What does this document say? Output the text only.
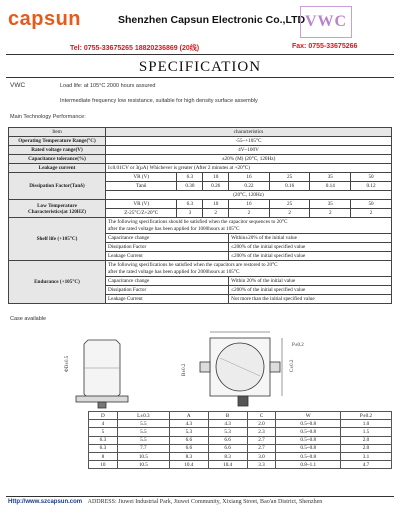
capsun	Shenzhen Capsun Electronic Co.,LTD VWC
Tel: 0755-33675265 18820236869 (20线)	Fax: 0755-33675266
SPECIFICATION
VWC	Load life: at 105°C 2000 hours assured
Intermediate frequency low resistance, suitable for high density surface assembly
Main Technology Performance:
Item	characteristics						
Operating Temperature Range(°C)	-55~+105°C						
Rated voltage range(V)	4V~100V						
Capacitance tolerance(%)	±20% (M) (20°C, 120Hz)						
Leakage current	I≤0.01CV or 3(μA) Whichever is greater (After 2 minutes at +20°C)						
Dissipation Factor(Tanδ)	VR (V)	6.3	10	16	25	35	50
	Tanδ	0.30	0.26	0.22	0.16	0.14	0.12
	(20°C, 120Hz)						

Low Temperature
Characteristics(at 120HZ)	VR (V)	6.3	10	16	25	35	50
	Z-25°C/Z+20°C	3	2	2	2	2	2
Shelf life (+105°C)	The following specifications should be satisfied when the capacitor sequences to 20°C
after the rated voltage has been applied for 1000hours at 105°C						

	Capacitance change			Within±20% of the initial value			
	Dissipation Factor			≤200% of the initial specified value			
	Leakage Current			≤200% of the initial specified value			
Endurance (+105°C)	The following specifications be satisfied when the capacitors are restored to 20°C
after the rated voltage has been applied for 2000hours at 105°C						

	Capacitance change			Within 20% of the initial value			
	Dissipation Factor			≤200% of the initial specified value			
	Leakage Current			Not more than the initial specified value			
Case available
ΦD±0.5	B±0.2	C±0.2
P±0.2
D	L±0.3	A	B	C	W	P±0.2
4	5.5	4.3	4.3	2.0	0.5~0.8	1.0
5	5.5	5.3	5.3	2.3	0.5~0.8	1.5
6.3	5.5	6.6	6.6	2.7	0.5~0.8	2.0
6.3	7.7	6.6	6.6	2.7	0.5~0.8	2.0
8	10.5	8.3	8.3	3.0	0.5~0.8	3.1
10	10.5	10.4	10.4	3.3	0.8~1.1	4.7
Http://www.szcapsun.com ADDRESS: Jiuwei Industrial Park, Jiuwei Community, Xixiang Street, Bao'an District, Shenzhen
